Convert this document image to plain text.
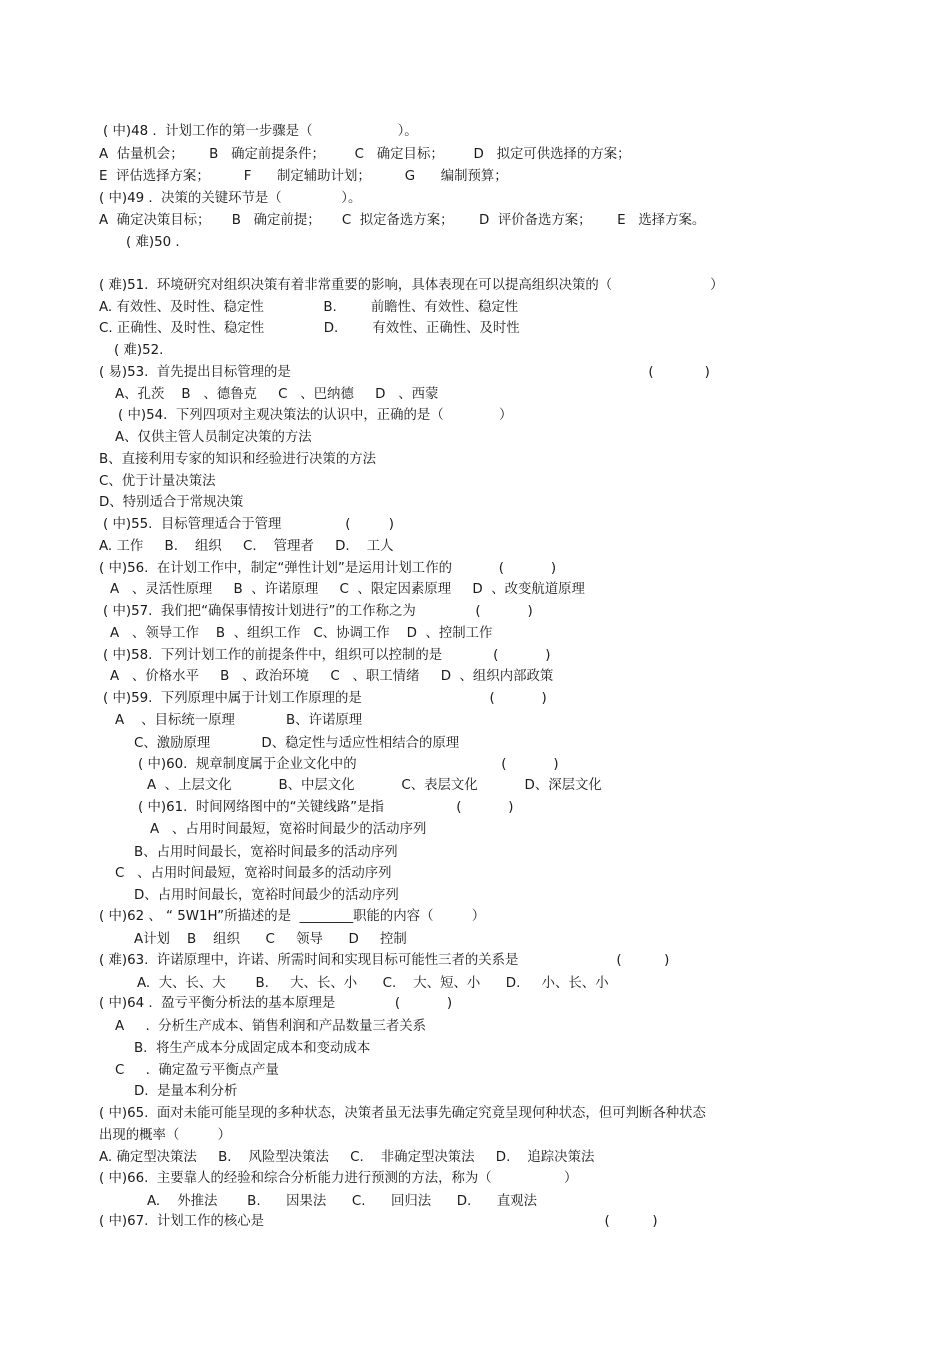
( 中)48 .  计划工作的第一步骤是（                    ）。
A  估量机会；      B   确定前提条件；       C   确定目标；       D   拟定可供选择的方案；
E  评估选择方案；        F      制定辅助计划；        G      编制预算；
( 中)49 .  决策的关键环节是（              ）。
A  确定决策目标；     B   确定前提；     C  拟定备选方案；      D  评价备选方案；      E   选择方案。
( 难)50 .
( 难)51.  环境研究对组织决策有着非常重要的影响，具体表现在可以提高组织决策的（                       ）
A. 有效性、及时性、稳定性              B.        前瞻性、有效性、稳定性
C. 正确性、及时性、稳定性              D.        有效性、正确性、及时性
( 难)52.
( 易)53.  首先提出目标管理的是                                                                                    (            )
A、孔茨    B   、德鲁克     C   、巴纳德     D   、西蒙
( 中)54.  下列四项对主观决策法的认识中，正确的是（             ）
A、仅供主管人员制定决策的方法
B、直接利用专家的知识和经验进行决策的方法
C、优于计量决策法
D、特别适合于常规决策
( 中)55.  目标管理适合于管理               (         )
A. 工作     B.    组织     C.    管理者     D.    工人
( 中)56.  在计划工作中，制定“弹性计划”是运用计划工作的           (           )
A   、灵活性原理     B  、许诺原理     C  、限定因素原理     D  、改变航道原理
( 中)57.  我们把“确保事情按计划进行”的工作称之为              (           )
A   、领导工作    B  、组织工作   C、协调工作    D  、控制工作
( 中)58.  下列计划工作的前提条件中，组织可以控制的是            (           )
A   、价格水平     B   、政治环境     C   、职工情绪     D  、组织内部政策
( 中)59.  下列原理中属于计划工作原理的是                              (           )
A    、目标统一原理            B、许诺原理
C、激励原理            D、稳定性与适应性相结合的原理
( 中)60.  规章制度属于企业文化中的                                  (           )
A  、上层文化           B、中层文化           C、表层文化           D、深层文化
( 中)61.  时间网络图中的“关键线路”是指                 (           )
A   、占用时间最短，宽裕时间最少的活动序列
B、占用时间最长，宽裕时间最多的活动序列
C   、占用时间最短，宽裕时间最多的活动序列
D、占用时间最长，宽裕时间最少的活动序列
( 中)62 、 “ 5W1H”所描述的是  ________职能的内容（         ）
A计划    B    组织      C     领导      D     控制
( 难)63.  许诺原理中，许诺、所需时间和实现目标可能性三者的关系是                       (          )
A.  大、长、大       B.     大、长、小      C.    大、短、小      D.     小、长、小
( 中)64 .  盈亏平衡分析法的基本原理是              (           )
A     .  分析生产成本、销售利润和产品数量三者关系
B.  将生产成本分成固定成本和变动成本
C     .  确定盈亏平衡点产量
D.  是量本利分析
( 中)65.  面对未能可能呈现的多种状态，决策者虽无法事先确定究竟呈现何种状态，但可判断各种状态
出现的概率（         ）
A. 确定型决策法     B.    风险型决策法     C.    非确定型决策法     D.    追踪决策法
( 中)66.  主要靠人的经验和综合分析能力进行预测的方法，称为（                 ）
A.    外推法       B.      因果法      C.      回归法      D.      直观法
( 中)67.  计划工作的核心是                                                                                (          )
